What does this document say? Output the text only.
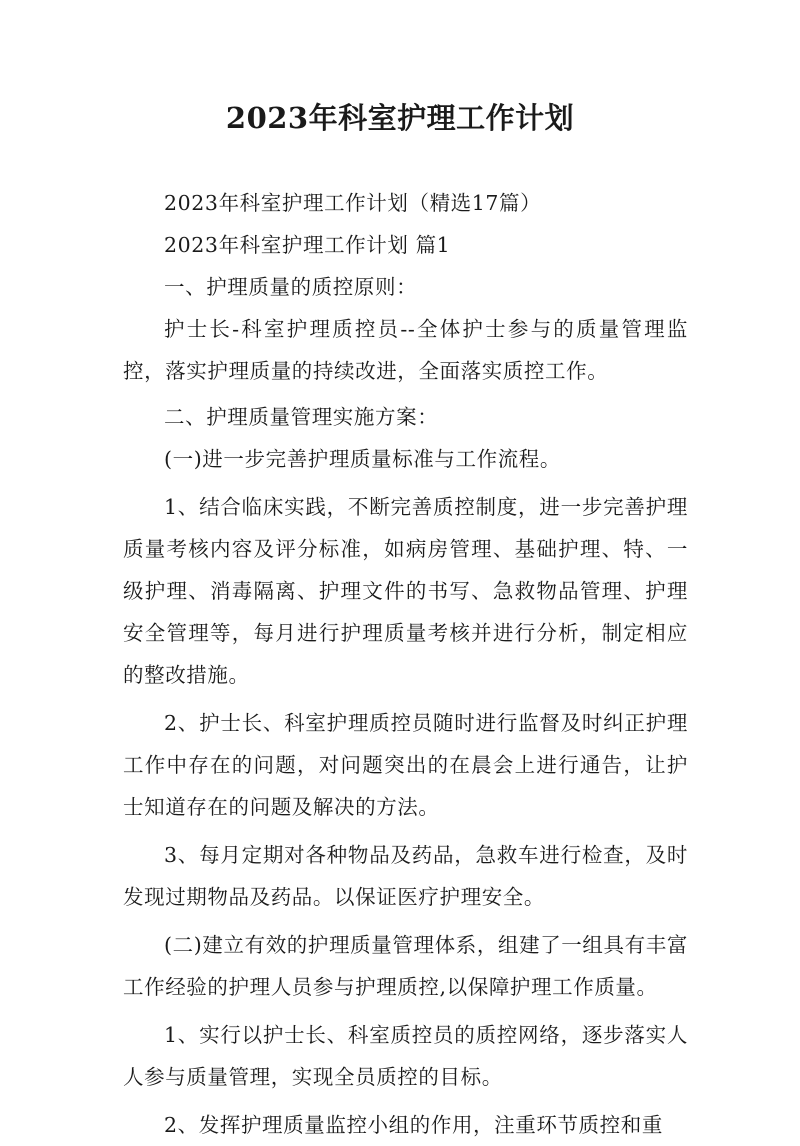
2023年科室护理工作计划

2023年科室护理工作计划（精选17篇）

2023年科室护理工作计划 篇1

一、护理质量的质控原则：

护士长-科室护理质控员--全体护士参与的质量管理监控，落实护理质量的持续改进，全面落实质控工作。

二、护理质量管理实施方案：

(一)进一步完善护理质量标准与工作流程。

1、结合临床实践，不断完善质控制度，进一步完善护理质量考核内容及评分标准，如病房管理、基础护理、特、一级护理、消毒隔离、护理文件的书写、急救物品管理、护理安全管理等，每月进行护理质量考核并进行分析，制定相应的整改措施。

2、护士长、科室护理质控员随时进行监督及时纠正护理工作中存在的问题，对问题突出的在晨会上进行通告，让护士知道存在的问题及解决的方法。

3、每月定期对各种物品及药品，急救车进行检查，及时发现过期物品及药品。以保证医疗护理安全。

(二)建立有效的护理质量管理体系，组建了一组具有丰富工作经验的护理人员参与护理质控,以保障护理工作质量。

1、实行以护士长、科室质控员的质控网络，逐步落实人人参与质量管理，实现全员质控的目标。

2、发挥护理质量监控小组的作用，注重环节质控和重
